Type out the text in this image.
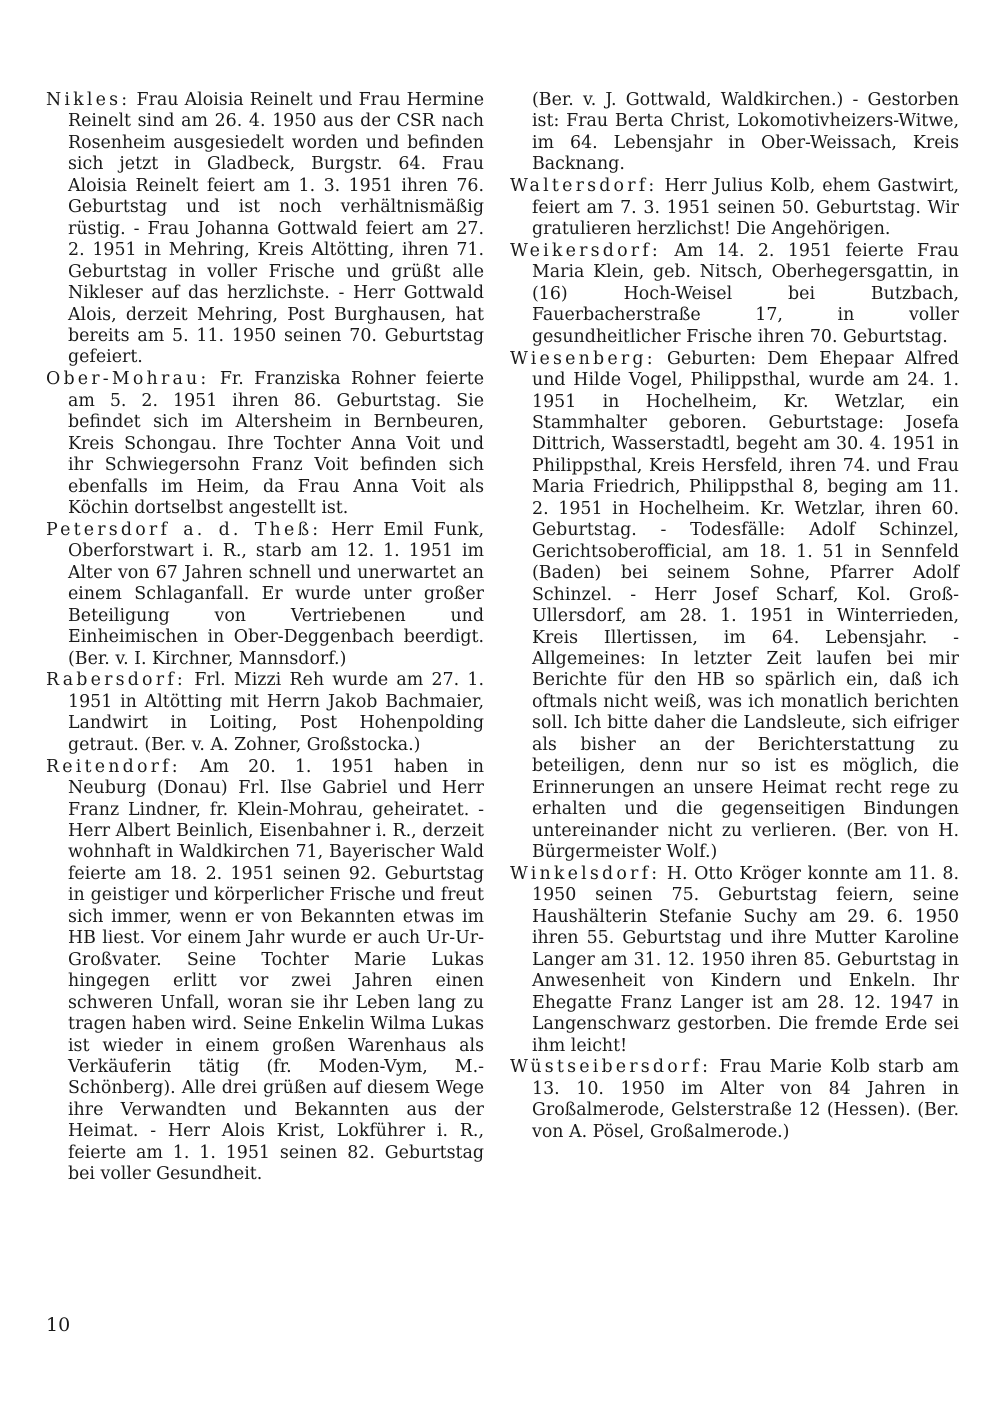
Nikles: Frau Aloisia Reinelt und Frau Hermine Reinelt sind am 26. 4. 1950 aus der CSR nach Rosenheim ausgesiedelt worden und befinden sich jetzt in Gladbeck, Burgstr. 64. Frau Aloisia Reinelt feiert am 1. 3. 1951 ihren 76. Geburtstag und ist noch verhältnismäßig rüstig. - Frau Johanna Gottwald feiert am 27. 2. 1951 in Mehring, Kreis Altötting, ihren 71. Geburtstag in voller Frische und grüßt alle Nikleser auf das herzlichste. - Herr Gottwald Alois, derzeit Mehring, Post Burghausen, hat bereits am 5. 11. 1950 seinen 70. Geburtstag gefeiert.

Ober-Mohrau: Fr. Franziska Rohner feierte am 5. 2. 1951 ihren 86. Geburtstag. Sie befindet sich im Altersheim in Bernbeuren, Kreis Schongau. Ihre Tochter Anna Voit und ihr Schwiegersohn Franz Voit befinden sich ebenfalls im Heim, da Frau Anna Voit als Köchin dortselbst angestellt ist.

Petersdorf a. d. Theß: Herr Emil Funk, Oberforstwart i. R., starb am 12. 1. 1951 im Alter von 67 Jahren schnell und unerwartet an einem Schlaganfall. Er wurde unter großer Beteiligung von Vertriebenen und Einheimischen in Ober-Deggenbach beerdigt. (Ber. v. I. Kirchner, Mannsdorf.)

Rabersdorf: Frl. Mizzi Reh wurde am 27. 1. 1951 in Altötting mit Herrn Jakob Bachmaier, Landwirt in Loiting, Post Hohenpolding getraut. (Ber. v. A. Zohner, Großstocka.)

Reitendorf: Am 20. 1. 1951 haben in Neuburg (Donau) Frl. Ilse Gabriel und Herr Franz Lindner, fr. Klein-Mohrau, geheiratet. - Herr Albert Beinlich, Eisenbahner i. R., derzeit wohnhaft in Waldkirchen 71, Bayerischer Wald feierte am 18. 2. 1951 seinen 92. Geburtstag in geistiger und körperlicher Frische und freut sich immer, wenn er von Bekannten etwas im HB liest. Vor einem Jahr wurde er auch Ur-Ur-Großvater. Seine Tochter Marie Lukas hingegen erlitt vor zwei Jahren einen schweren Unfall, woran sie ihr Leben lang zu tragen haben wird. Seine Enkelin Wilma Lukas ist wieder in einem großen Warenhaus als Verkäuferin tätig (fr. Moden-Vym, M.-Schönberg). Alle drei grüßen auf diesem Wege ihre Verwandten und Bekannten aus der Heimat. - Herr Alois Krist, Lokführer i. R., feierte am 1. 1. 1951 seinen 82. Geburtstag bei voller Gesundheit.

(Ber. v. J. Gottwald, Waldkirchen.) - Gestorben ist: Frau Berta Christ, Lokomotivheizers-Witwe, im 64. Lebensjahr in Ober-Weissach, Kreis Backnang.

Waltersdorf: Herr Julius Kolb, ehem Gastwirt, feiert am 7. 3. 1951 seinen 50. Geburtstag. Wir gratulieren herzlichst! Die Angehörigen.

Weikersdorf: Am 14. 2. 1951 feierte Frau Maria Klein, geb. Nitsch, Oberhegersgattin, in (16) Hoch-Weisel bei Butzbach, Fauerbacherstraße 17, in voller gesundheitlicher Frische ihren 70. Geburtstag.

Wiesenberg: Geburten: Dem Ehepaar Alfred und Hilde Vogel, Philippsthal, wurde am 24. 1. 1951 in Hochelheim, Kr. Wetzlar, ein Stammhalter geboren. Geburtstage: Josefa Dittrich, Wasserstadtl, begeht am 30. 4. 1951 in Philippsthal, Kreis Hersfeld, ihren 74. und Frau Maria Friedrich, Philippsthal 8, beging am 11. 2. 1951 in Hochelheim. Kr. Wetzlar, ihren 60. Geburtstag. - Todesfälle: Adolf Schinzel, Gerichtsoberofficial, am 18. 1. 51 in Sennfeld (Baden) bei seinem Sohne, Pfarrer Adolf Schinzel. - Herr Josef Scharf, Kol. Groß-Ullersdorf, am 28. 1. 1951 in Winterrieden, Kreis Illertissen, im 64. Lebensjahr. - Allgemeines: In letzter Zeit laufen bei mir Berichte für den HB so spärlich ein, daß ich oftmals nicht weiß, was ich monatlich berichten soll. Ich bitte daher die Landsleute, sich eifriger als bisher an der Berichterstattung zu beteiligen, denn nur so ist es möglich, die Erinnerungen an unsere Heimat recht rege zu erhalten und die gegenseitigen Bindungen untereinander nicht zu verlieren. (Ber. von H. Bürgermeister Wolf.)

Winkelsdorf: H. Otto Kröger konnte am 11. 8. 1950 seinen 75. Geburtstag feiern, seine Haushälterin Stefanie Suchy am 29. 6. 1950 ihren 55. Geburtstag und ihre Mutter Karoline Langer am 31. 12. 1950 ihren 85. Geburtstag in Anwesenheit von Kindern und Enkeln. Ihr Ehegatte Franz Langer ist am 28. 12. 1947 in Langenschwarz gestorben. Die fremde Erde sei ihm leicht!

Wüstseibersdorf: Frau Marie Kolb starb am 13. 10. 1950 im Alter von 84 Jahren in Großalmerode, Gelsterstraße 12 (Hessen). (Ber. von A. Pösel, Großalmerode.)

10
